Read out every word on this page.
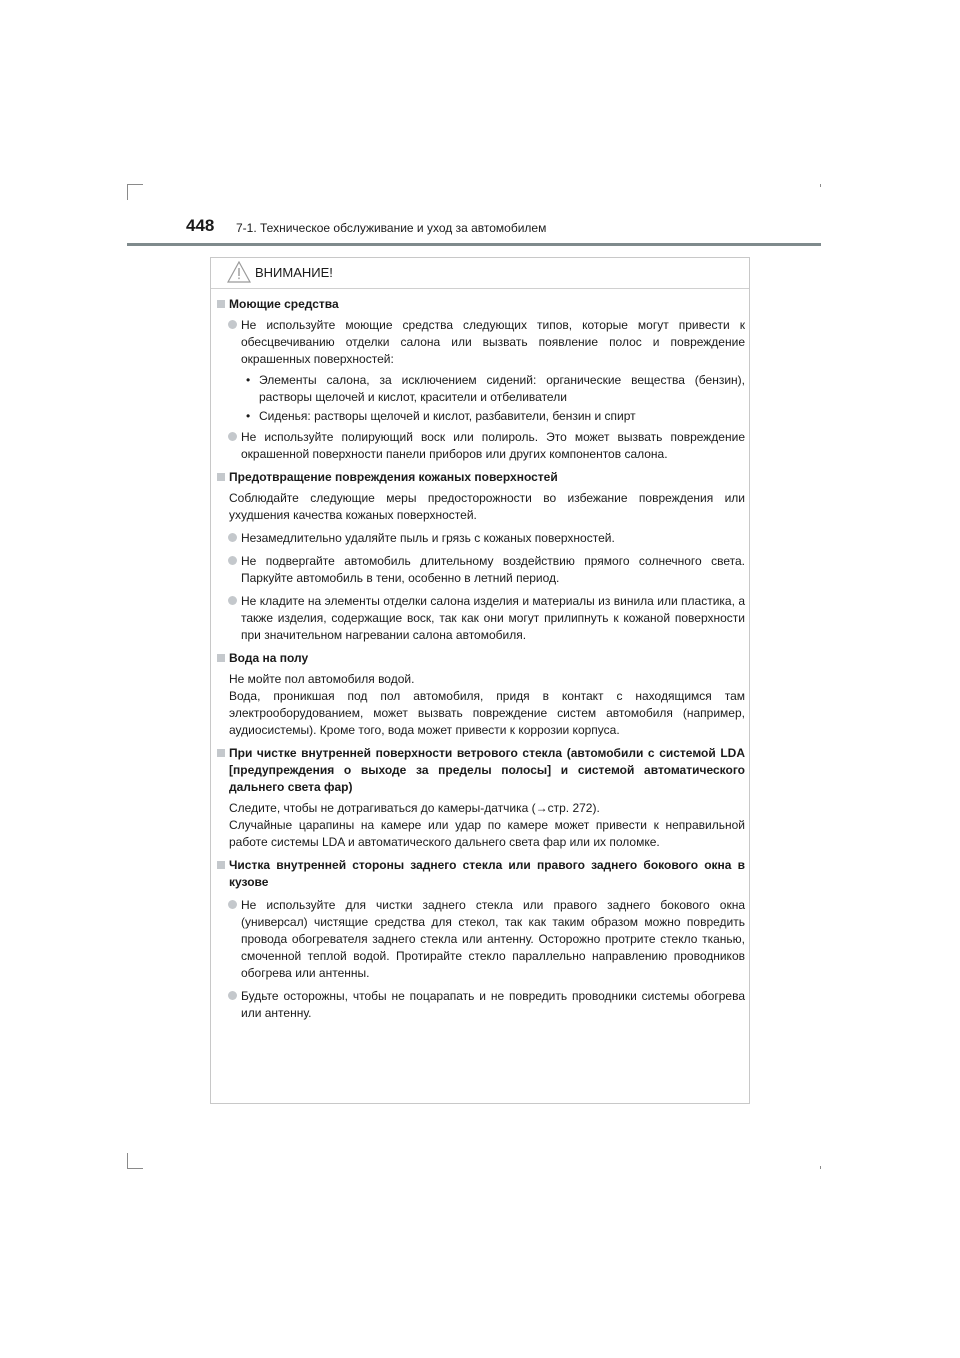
448 7-1. Техническое обслуживание и уход за автомобилем
ВНИМАНИЕ!
Моющие средства
Не используйте моющие средства следующих типов, которые могут привести к обесцвечиванию отделки салона или вызвать появление полос и повреждение окрашенных поверхностей:
• Элементы салона, за исключением сидений: органические вещества (бензин), растворы щелочей и кислот, красители и отбеливатели
• Сиденья: растворы щелочей и кислот, разбавители, бензин и спирт
Не используйте полирующий воск или полироль. Это может вызвать повреждение окрашенной поверхности панели приборов или других компонентов салона.
Предотвращение повреждения кожаных поверхностей
Соблюдайте следующие меры предосторожности во избежание повреждения или ухудшения качества кожаных поверхностей.
Незамедлительно удаляйте пыль и грязь с кожаных поверхностей.
Не подвергайте автомобиль длительному воздействию прямого солнечного света. Паркуйте автомобиль в тени, особенно в летний период.
Не кладите на элементы отделки салона изделия и материалы из винила или пластика, а также изделия, содержащие воск, так как они могут прилипнуть к кожаной поверхности при значительном нагревании салона автомобиля.
Вода на полу
Не мойте пол автомобиля водой.
Вода, проникшая под пол автомобиля, придя в контакт с находящимся там электрооборудованием, может вызвать повреждение систем автомобиля (например, аудиосистемы). Кроме того, вода может привести к коррозии корпуса.
При чистке внутренней поверхности ветрового стекла (автомобили с системой LDA [предупреждения о выходе за пределы полосы] и системой автоматического дальнего света фар)
Следите, чтобы не дотрагиваться до камеры-датчика (→стр. 272).
Случайные царапины на камере или удар по камере может привести к неправильной работе системы LDA и автоматического дальнего света фар или их поломке.
Чистка внутренней стороны заднего стекла или правого заднего бокового окна в кузове
Не используйте для чистки заднего стекла или правого заднего бокового окна (универсал) чистящие средства для стекол, так как таким образом можно повредить провода обогревателя заднего стекла или антенну. Осторожно протрите стекло тканью, смоченной теплой водой. Протирайте стекло параллельно направлению проводников обогрева или антенны.
Будьте осторожны, чтобы не поцарапать и не повредить проводники системы обогрева или антенну.
